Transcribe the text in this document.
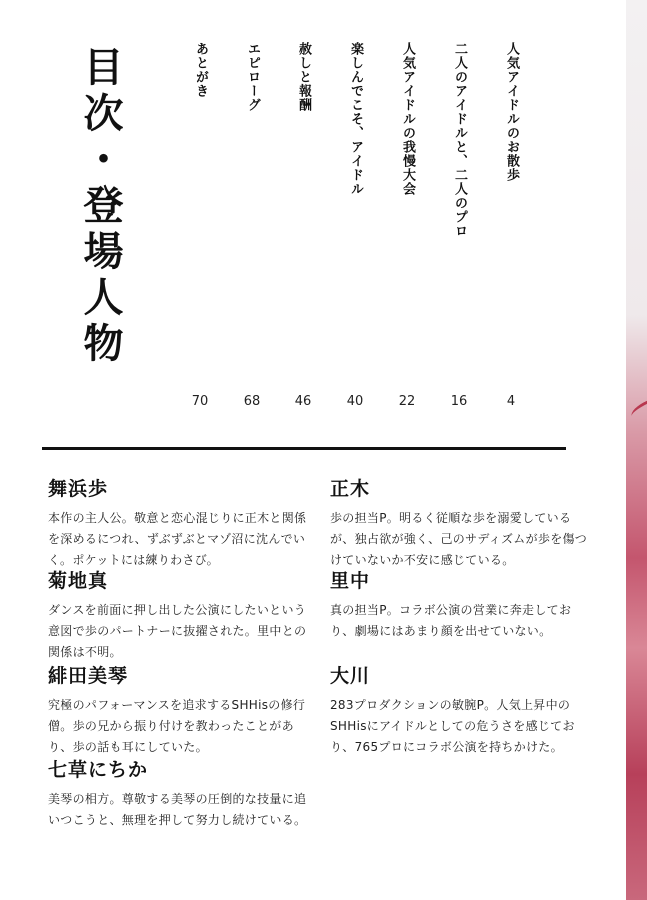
目次・登場人物	人気アイドルのお散歩
二人のアイドルと、二人のプロ
人気アイドルの我慢大会
楽しんでこそ、アイドル
赦しと報酬
エピローグ
あとがき
4
16
22
40
46
68
70
舞浜歩

本作の主人公。敬意と恋心混じりに正木と関係を深めるにつれ、ずぶずぶとマゾ沼に沈んでいく。ポケットには練りわさび。

菊地真

ダンスを前面に押し出した公演にしたいという意図で歩のパートナーに抜擢された。里中との関係は不明。

緋田美琴

究極のパフォーマンスを追求するSHHisの修行僧。歩の兄から振り付けを教わったことがあり、歩の話も耳にしていた。

七草にちか

美琴の相方。尊敬する美琴の圧倒的な技量に追いつこうと、無理を押して努力し続けている。

正木

歩の担当P。明るく従順な歩を溺愛しているが、独占欲が強く、己のサディズムが歩を傷つけていないか不安に感じている。

里中

真の担当P。コラボ公演の営業に奔走しており、劇場にはあまり顔を出せていない。

大川

283プロダクションの敏腕P。人気上昇中のSHHisにアイドルとしての危うさを感じており、765プロにコラボ公演を持ちかけた。
